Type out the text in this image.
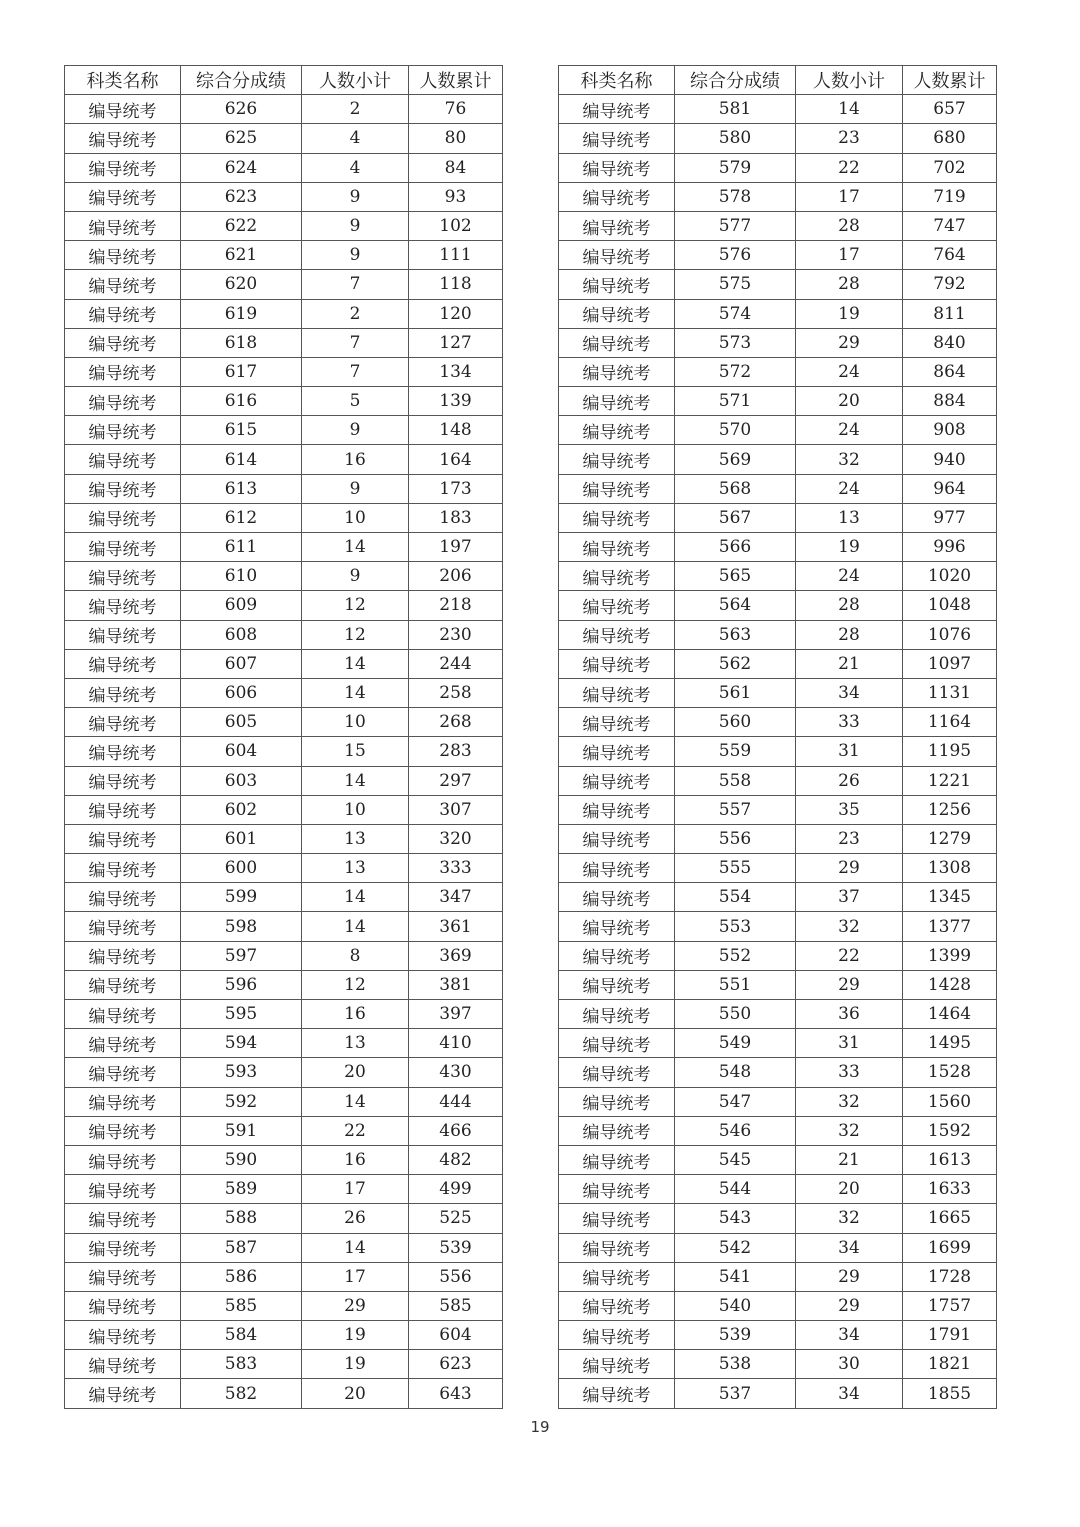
科类名称	综合分成绩	人数小计	人数累计
编导统考	626	2	76
编导统考	625	4	80
编导统考	624	4	84
编导统考	623	9	93
编导统考	622	9	102
编导统考	621	9	111
编导统考	620	7	118
编导统考	619	2	120
编导统考	618	7	127
编导统考	617	7	134
编导统考	616	5	139
编导统考	615	9	148
编导统考	614	16	164
编导统考	613	9	173
编导统考	612	10	183
编导统考	611	14	197
编导统考	610	9	206
编导统考	609	12	218
编导统考	608	12	230
编导统考	607	14	244
编导统考	606	14	258
编导统考	605	10	268
编导统考	604	15	283
编导统考	603	14	297
编导统考	602	10	307
编导统考	601	13	320
编导统考	600	13	333
编导统考	599	14	347
编导统考	598	14	361
编导统考	597	8	369
编导统考	596	12	381
编导统考	595	16	397
编导统考	594	13	410
编导统考	593	20	430
编导统考	592	14	444
编导统考	591	22	466
编导统考	590	16	482
编导统考	589	17	499
编导统考	588	26	525
编导统考	587	14	539
编导统考	586	17	556
编导统考	585	29	585
编导统考	584	19	604
编导统考	583	19	623
编导统考	582	20	643
科类名称	综合分成绩	人数小计	人数累计
编导统考	581	14	657
编导统考	580	23	680
编导统考	579	22	702
编导统考	578	17	719
编导统考	577	28	747
编导统考	576	17	764
编导统考	575	28	792
编导统考	574	19	811
编导统考	573	29	840
编导统考	572	24	864
编导统考	571	20	884
编导统考	570	24	908
编导统考	569	32	940
编导统考	568	24	964
编导统考	567	13	977
编导统考	566	19	996
编导统考	565	24	1020
编导统考	564	28	1048
编导统考	563	28	1076
编导统考	562	21	1097
编导统考	561	34	1131
编导统考	560	33	1164
编导统考	559	31	1195
编导统考	558	26	1221
编导统考	557	35	1256
编导统考	556	23	1279
编导统考	555	29	1308
编导统考	554	37	1345
编导统考	553	32	1377
编导统考	552	22	1399
编导统考	551	29	1428
编导统考	550	36	1464
编导统考	549	31	1495
编导统考	548	33	1528
编导统考	547	32	1560
编导统考	546	32	1592
编导统考	545	21	1613
编导统考	544	20	1633
编导统考	543	32	1665
编导统考	542	34	1699
编导统考	541	29	1728
编导统考	540	29	1757
编导统考	539	34	1791
编导统考	538	30	1821
编导统考	537	34	1855
19
